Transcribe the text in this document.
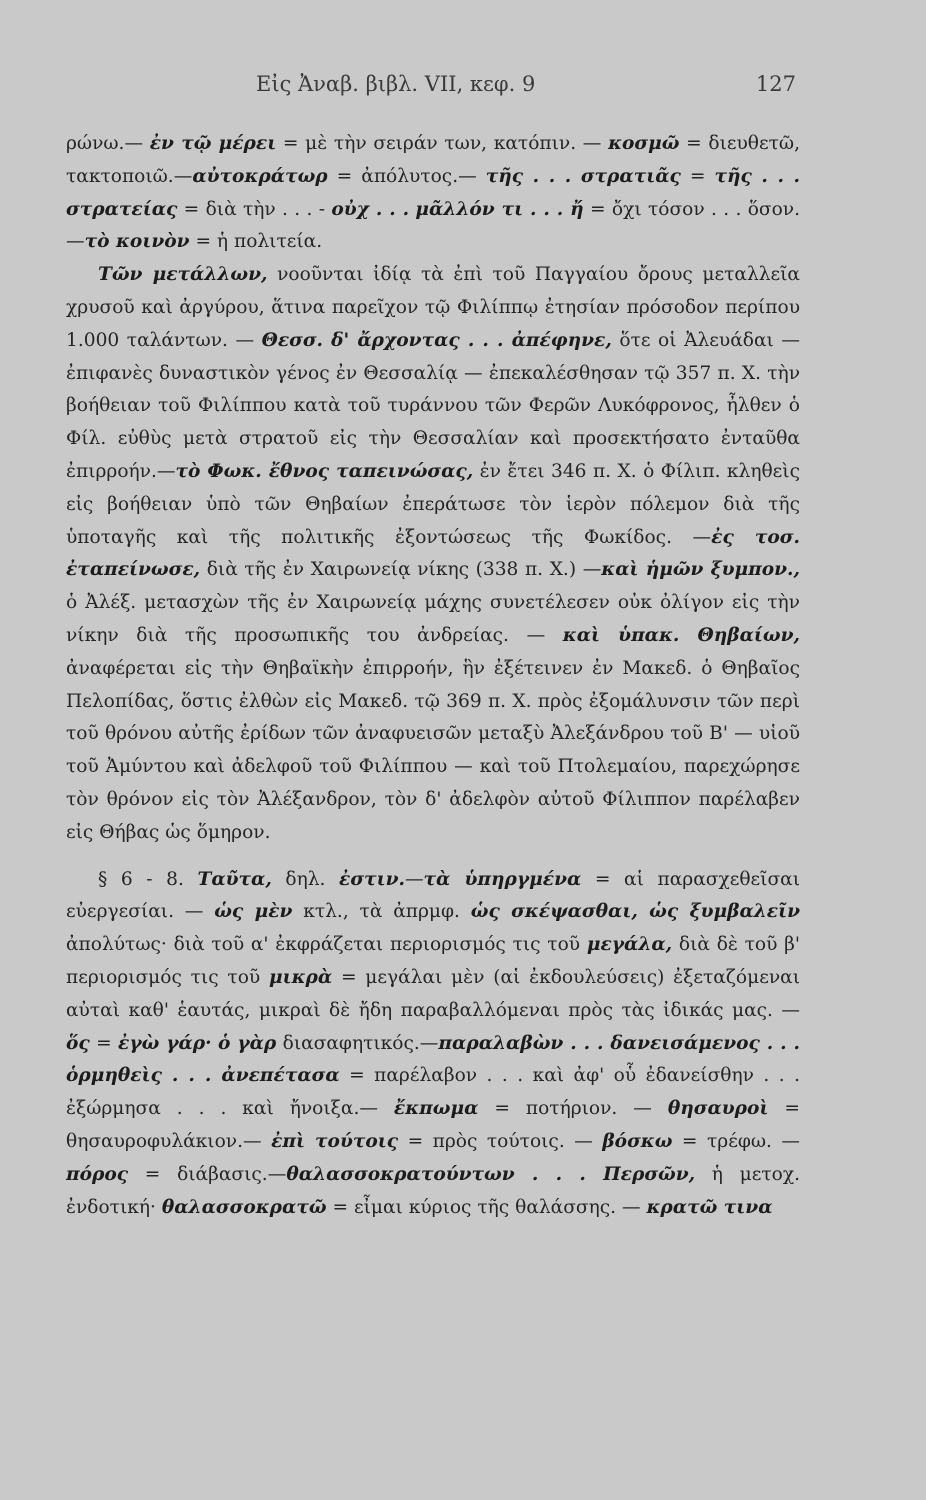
Εἰς Ἀναβ. βιβλ. VII, κεφ. 9	127

ρώνω.— ἐν τῷ μέρει = μὲ τὴν σειράν των, κατόπιν. — κοσμῶ = διευθετῶ, τακτοποιῶ.—αὐτοκράτωρ = ἀπόλυτος.— τῆς . . . στρατιᾶς = τῆς . . . στρατείας = διὰ τὴν . . . - οὐχ . . . μᾶλλόν τι . . . ἤ = ὄχι τόσον . . . ὅσον.—τὸ κοινὸν = ἡ πολιτεία.

Τῶν μετάλλων, νοοῦνται ἰδίᾳ τὰ ἐπὶ τοῦ Παγγαίου ὄρους μεταλλεῖα χρυσοῦ καὶ ἀργύρου, ἅτινα παρεῖχον τῷ Φιλίππῳ ἐτησίαν πρόσοδον περίπου 1.000 ταλάντων. — Θεσσ. δ' ἄρχοντας . . . ἀπέφηνε, ὅτε οἱ Ἀλευάδαι — ἐπιφανὲς δυναστικὸν γένος ἐν Θεσσαλίᾳ — ἐπεκαλέσθησαν τῷ 357 π. Χ. τὴν βοήθειαν τοῦ Φιλίππου κατὰ τοῦ τυράννου τῶν Φερῶν Λυκόφρονος, ἦλθεν ὁ Φίλ. εὐθὺς μετὰ στρατοῦ εἰς τὴν Θεσσαλίαν καὶ προσεκτήσατο ἐνταῦθα ἐπιρροήν.—τὸ Φωκ. ἔθνος ταπεινώσας, ἐν ἔτει 346 π. Χ. ὁ Φίλιπ. κληθεὶς εἰς βοήθειαν ὑπὸ τῶν Θηβαίων ἐπεράτωσε τὸν ἱερὸν πόλεμον διὰ τῆς ὑποταγῆς καὶ τῆς πολιτικῆς ἐξοντώσεως τῆς Φωκίδος. —ἐς τοσ. ἐταπείνωσε, διὰ τῆς ἐν Χαιρωνείᾳ νίκης (338 π. Χ.) —καὶ ἡμῶν ξυμπον., ὁ Ἀλέξ. μετασχὼν τῆς ἐν Χαιρωνείᾳ μάχης συνετέλεσεν οὐκ ὀλίγον εἰς τὴν νίκην διὰ τῆς προσωπικῆς του ἀνδρείας. — καὶ ὑπακ. Θηβαίων, ἀναφέρεται εἰς τὴν Θηβαϊκὴν ἐπιρροήν, ἣν ἐξέτεινεν ἐν Μακεδ. ὁ Θηβαῖος Πελοπίδας, ὅστις ἐλθὼν εἰς Μακεδ. τῷ 369 π. Χ. πρὸς ἐξομάλυνσιν τῶν περὶ τοῦ θρόνου αὐτῆς ἐρίδων τῶν ἀναφυεισῶν μεταξὺ Ἀλεξάνδρου τοῦ Β' — υἱοῦ τοῦ Ἀμύντου καὶ ἀδελφοῦ τοῦ Φιλίππου — καὶ τοῦ Πτολεμαίου, παρεχώρησε τὸν θρόνον εἰς τὸν Ἀλέξανδρον, τὸν δ' ἀδελφὸν αὐτοῦ Φίλιππον παρέλαβεν εἰς Θήβας ὡς ὅμηρον.

§ 6 - 8. Ταῦτα, δηλ. ἐστιν.—τὰ ὑπηργμένα = αἱ παρασχεθεῖσαι εὐεργεσίαι. — ὡς μὲν κτλ., τὰ ἀπρμφ. ὡς σκέψασθαι, ὡς ξυμβαλεῖν ἀπολύτως· διὰ τοῦ α' ἐκφράζεται περιορισμός τις τοῦ μεγάλα, διὰ δὲ τοῦ β' περιορισμός τις τοῦ μικρὰ = μεγάλαι μὲν (αἱ ἐκδουλεύσεις) ἐξεταζόμεναι αὐταὶ καθ' ἑαυτάς, μικραὶ δὲ ἤδη παραβαλλόμεναι πρὸς τὰς ἰδικάς μας. — ὅς = ἐγὼ γάρ· ὁ γὰρ διασαφητικός.—παραλαβὼν . . . δανεισάμενος . . . ὁρμηθεὶς . . . ἀνεπέτασα = παρέλαβον . . . καὶ ἀφ' οὗ ἐδανείσθην . . . ἐξώρμησα . . . καὶ ἤνοιξα.— ἔκπωμα = ποτήριον. — θησαυροὶ = θησαυροφυλάκιον.— ἐπὶ τούτοις = πρὸς τούτοις. — βόσκω = τρέφω. — πόρος = διάβασις.—θαλασσοκρατούντων . . . Περσῶν, ἡ μετοχ. ἐνδοτική· θαλασσοκρατῶ = εἶμαι κύριος τῆς θαλάσσης. — κρατῶ τινα
